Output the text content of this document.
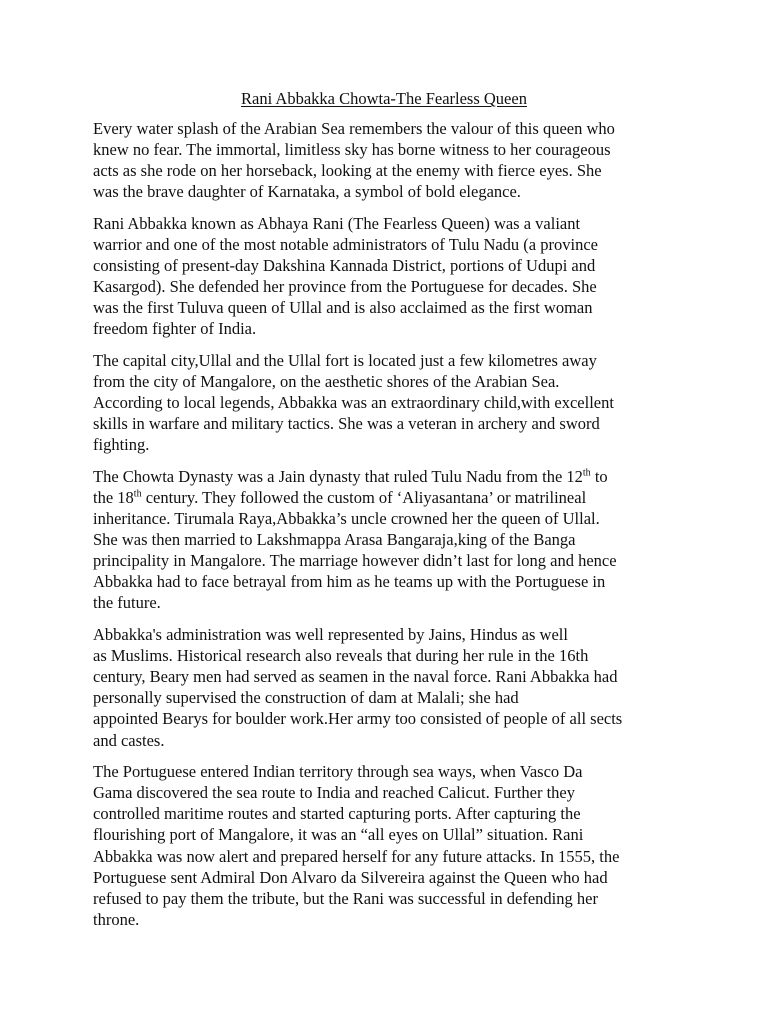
Rani Abbakka Chowta-The Fearless Queen

Every water splash of the Arabian Sea remembers the valour of this queen who
knew no fear. The immortal, limitless sky has borne witness to her courageous
acts as she rode on her horseback, looking at the enemy with fierce eyes. She
was the brave daughter of Karnataka, a symbol of bold elegance.

Rani Abbakka known as Abhaya Rani (The Fearless Queen) was a valiant
warrior and one of the most notable administrators of Tulu Nadu (a province
consisting of present-day Dakshina Kannada District, portions of Udupi and
Kasargod). She defended her province from the Portuguese for decades. She
was the first Tuluva queen of Ullal and is also acclaimed as the first woman
freedom fighter of India.

The capital city,Ullal and the Ullal fort is located just a few kilometres away
from the city of Mangalore, on the aesthetic shores of the Arabian Sea.
According to local legends, Abbakka was an extraordinary child,with excellent
skills in warfare and military tactics. She was a veteran in archery and sword
fighting.

The Chowta Dynasty was a Jain dynasty that ruled Tulu Nadu from the 12th to
the 18th century. They followed the custom of ‘Aliyasantana’ or matrilineal
inheritance. Tirumala Raya,Abbakka’s uncle crowned her the queen of Ullal.
She was then married to Lakshmappa Arasa Bangaraja,king of the Banga
principality in Mangalore. The marriage however didn’t last for long and hence
Abbakka had to face betrayal from him as he teams up with the Portuguese in
the future.

Abbakka's administration was well represented by Jains, Hindus as well
as Muslims. Historical research also reveals that during her rule in the 16th
century, Beary men had served as seamen in the naval force. Rani Abbakka had
personally supervised the construction of dam at Malali; she had
appointed Bearys for boulder work.Her army too consisted of people of all sects
and castes.

The Portuguese entered Indian territory through sea ways, when Vasco Da
Gama discovered the sea route to India and reached Calicut. Further they
controlled maritime routes and started capturing ports. After capturing the
flourishing port of Mangalore, it was an “all eyes on Ullal” situation. Rani
Abbakka was now alert and prepared herself for any future attacks. In 1555, the
Portuguese sent Admiral Don Alvaro da Silvereira against the Queen who had
refused to pay them the tribute, but the Rani was successful in defending her
throne.
